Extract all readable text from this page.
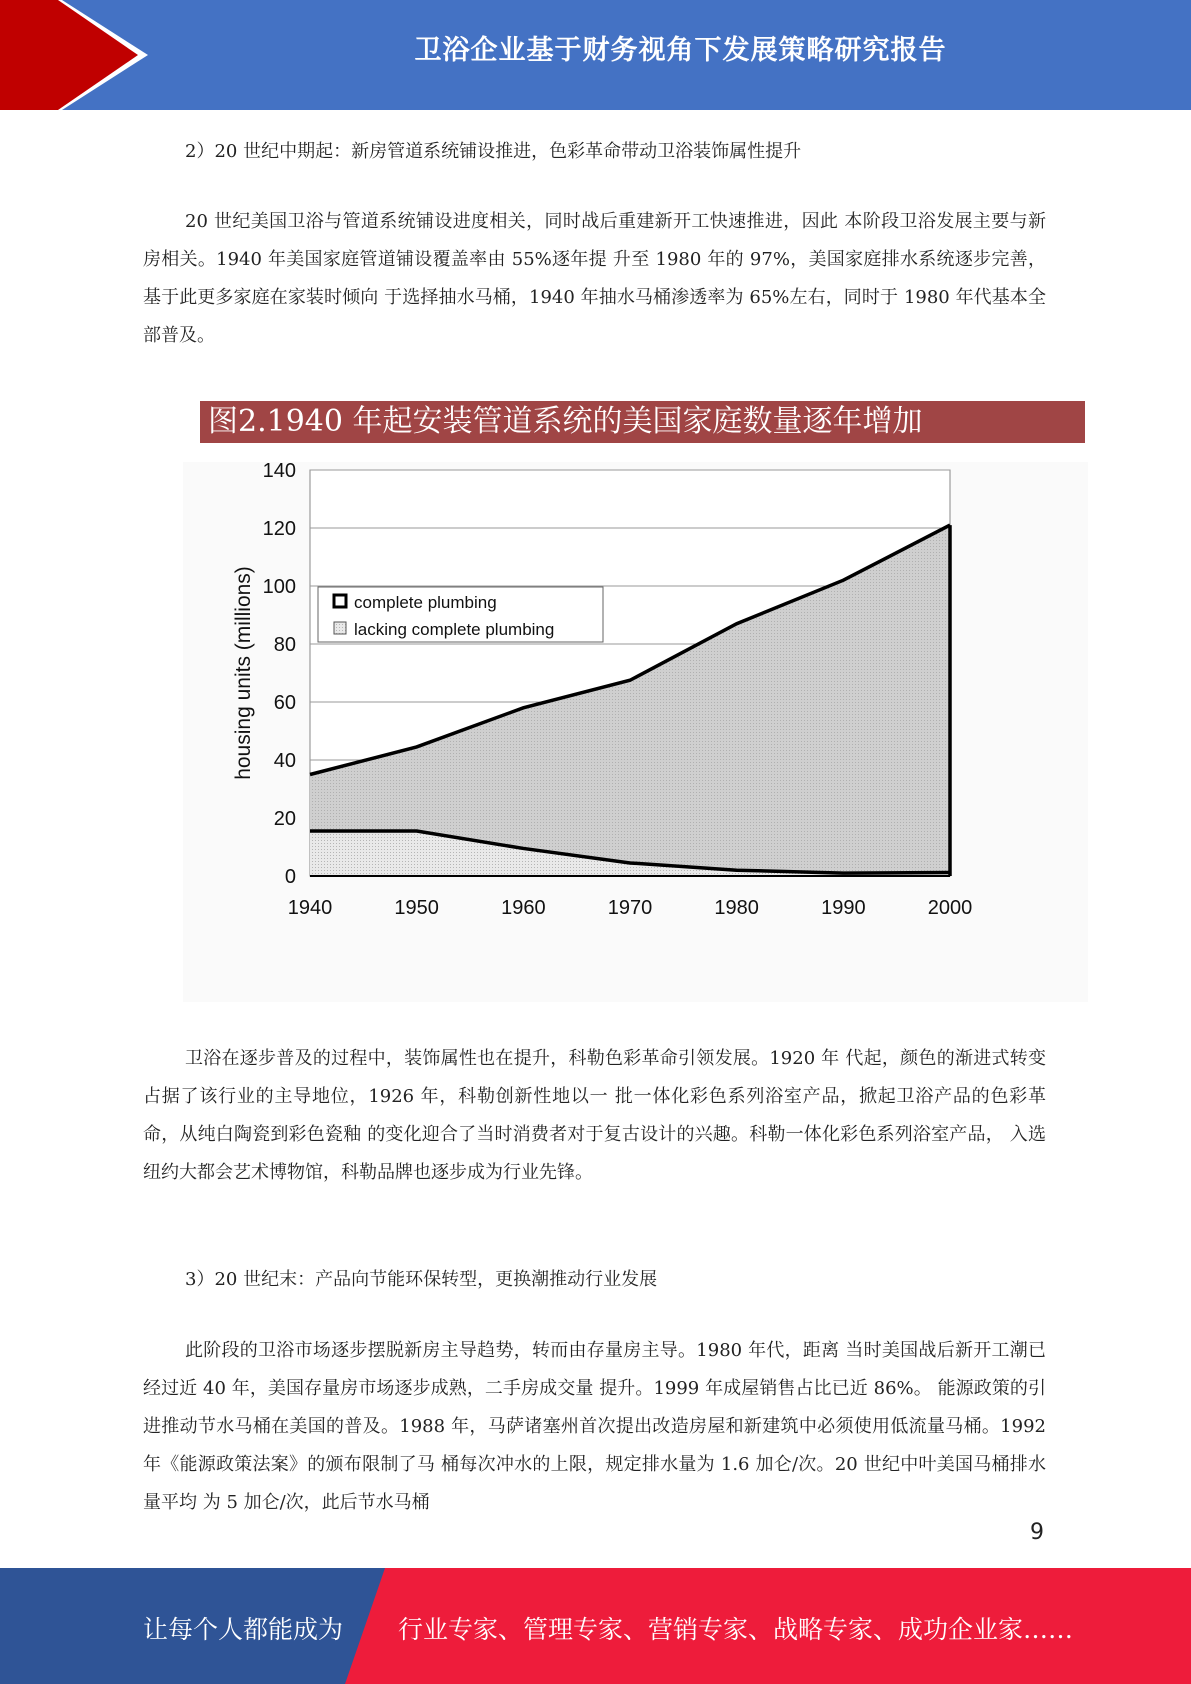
卫浴企业基于财务视角下发展策略研究报告

2）20 世纪中期起：新房管道系统铺设推进，色彩革命带动卫浴装饰属性提升

20 世纪美国卫浴与管道系统铺设进度相关，同时战后重建新开工快速推进，因此 本阶段卫浴发展主要与新房相关。1940 年美国家庭管道铺设覆盖率由 55%逐年提 升至 1980 年的 97%，美国家庭排水系统逐步完善，基于此更多家庭在家装时倾向 于选择抽水马桶，1940 年抽水马桶渗透率为 65%左右，同时于 1980 年代基本全 部普及。

图2.1940 年起安装管道系统的美国家庭数量逐年增加
0
20
40
60
80
100
120
140
1940	1950	1960	1970	1980	1990	2000
housing units (millions)	complete plumbing
lacking complete plumbing

卫浴在逐步普及的过程中，装饰属性也在提升，科勒色彩革命引领发展。1920 年 代起，颜色的渐进式转变占据了该行业的主导地位，1926 年，科勒创新性地以一 批一体化彩色系列浴室产品，掀起卫浴产品的色彩革命，从纯白陶瓷到彩色瓷釉 的变化迎合了当时消费者对于复古设计的兴趣。科勒一体化彩色系列浴室产品， 入选纽约大都会艺术博物馆，科勒品牌也逐步成为行业先锋。

3）20 世纪末：产品向节能环保转型，更换潮推动行业发展

此阶段的卫浴市场逐步摆脱新房主导趋势，转而由存量房主导。1980 年代，距离 当时美国战后新开工潮已经过近 40 年，美国存量房市场逐步成熟，二手房成交量 提升。1999 年成屋销售占比已近 86%。 能源政策的引进推动节水马桶在美国的普及。1988 年，马萨诸塞州首次提出改造房屋和新建筑中必须使用低流量马桶。1992 年《能源政策法案》的颁布限制了马 桶每次冲水的上限，规定排水量为 1.6 加仑/次。20 世纪中叶美国马桶排水量平均 为 5 加仑/次，此后节水马桶

9
让每个人都能成为 行业专家、管理专家、营销专家、战略专家、成功企业家……
